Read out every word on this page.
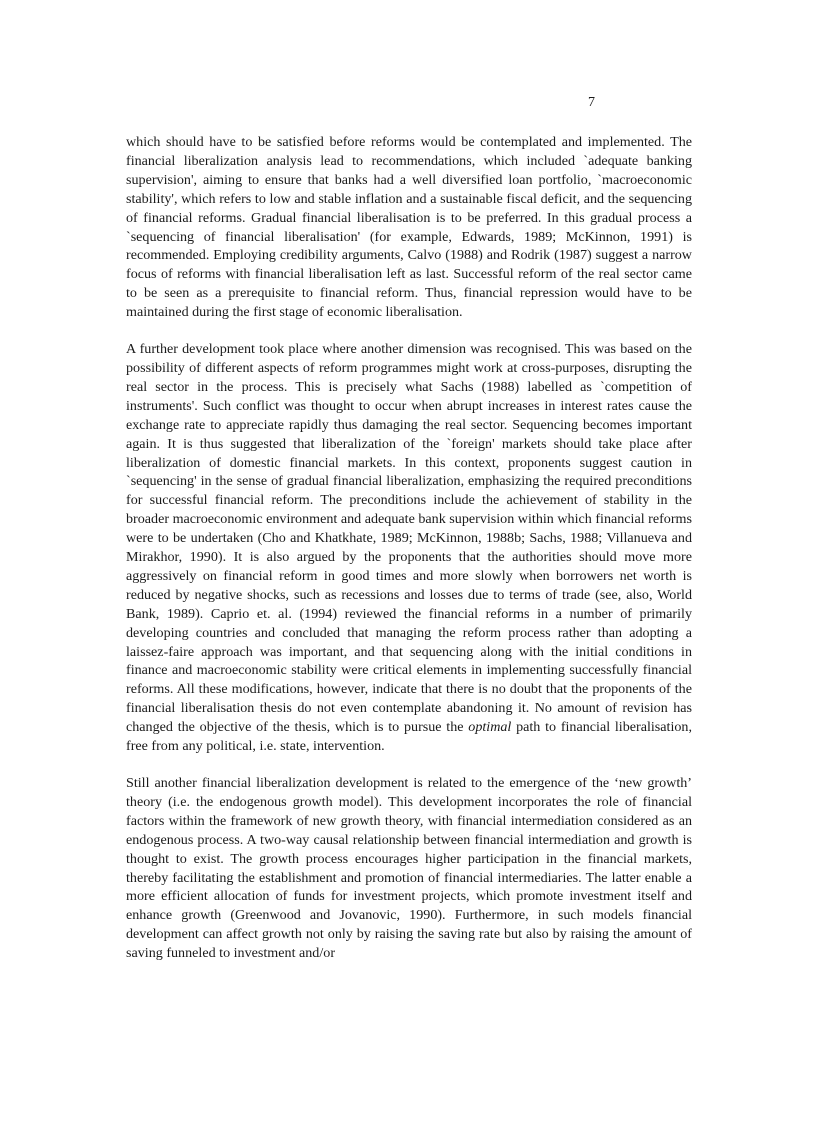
7

which should have to be satisfied before reforms would be contemplated and implemented. The financial liberalization analysis lead to recommendations, which included `adequate banking supervision', aiming to ensure that banks had a well diversified loan portfolio, `macroeconomic stability', which refers to low and stable inflation and a sustainable fiscal deficit, and the sequencing of financial reforms. Gradual financial liberalisation is to be preferred. In this gradual process a `sequencing of financial liberalisation' (for example, Edwards, 1989; McKinnon, 1991) is recommended. Employing credibility arguments, Calvo (1988) and Rodrik (1987) suggest a narrow focus of reforms with financial liberalisation left as last. Successful reform of the real sector came to be seen as a prerequisite to financial reform. Thus, financial repression would have to be maintained during the first stage of economic liberalisation.

A further development took place where another dimension was recognised. This was based on the possibility of different aspects of reform programmes might work at cross-purposes, disrupting the real sector in the process. This is precisely what Sachs (1988) labelled as `competition of instruments'. Such conflict was thought to occur when abrupt increases in interest rates cause the exchange rate to appreciate rapidly thus damaging the real sector. Sequencing becomes important again. It is thus suggested that liberalization of the `foreign' markets should take place after liberalization of domestic financial markets. In this context, proponents suggest caution in `sequencing' in the sense of gradual financial liberalization, emphasizing the required preconditions for successful financial reform. The preconditions include the achievement of stability in the broader macroeconomic environment and adequate bank supervision within which financial reforms were to be undertaken (Cho and Khatkhate, 1989; McKinnon, 1988b; Sachs, 1988; Villanueva and Mirakhor, 1990). It is also argued by the proponents that the authorities should move more aggressively on financial reform in good times and more slowly when borrowers net worth is reduced by negative shocks, such as recessions and losses due to terms of trade (see, also, World Bank, 1989). Caprio et. al. (1994) reviewed the financial reforms in a number of primarily developing countries and concluded that managing the reform process rather than adopting a laissez-faire approach was important, and that sequencing along with the initial conditions in finance and macroeconomic stability were critical elements in implementing successfully financial reforms. All these modifications, however, indicate that there is no doubt that the proponents of the financial liberalisation thesis do not even contemplate abandoning it. No amount of revision has changed the objective of the thesis, which is to pursue the optimal path to financial liberalisation, free from any political, i.e. state, intervention.

Still another financial liberalization development is related to the emergence of the ‘new growth’ theory (i.e. the endogenous growth model). This development incorporates the role of financial factors within the framework of new growth theory, with financial intermediation considered as an endogenous process. A two-way causal relationship between financial intermediation and growth is thought to exist. The growth process encourages higher participation in the financial markets, thereby facilitating the establishment and promotion of financial intermediaries. The latter enable a more efficient allocation of funds for investment projects, which promote investment itself and enhance growth (Greenwood and Jovanovic, 1990). Furthermore, in such models financial development can affect growth not only by raising the saving rate but also by raising the amount of saving funneled to investment and/or
